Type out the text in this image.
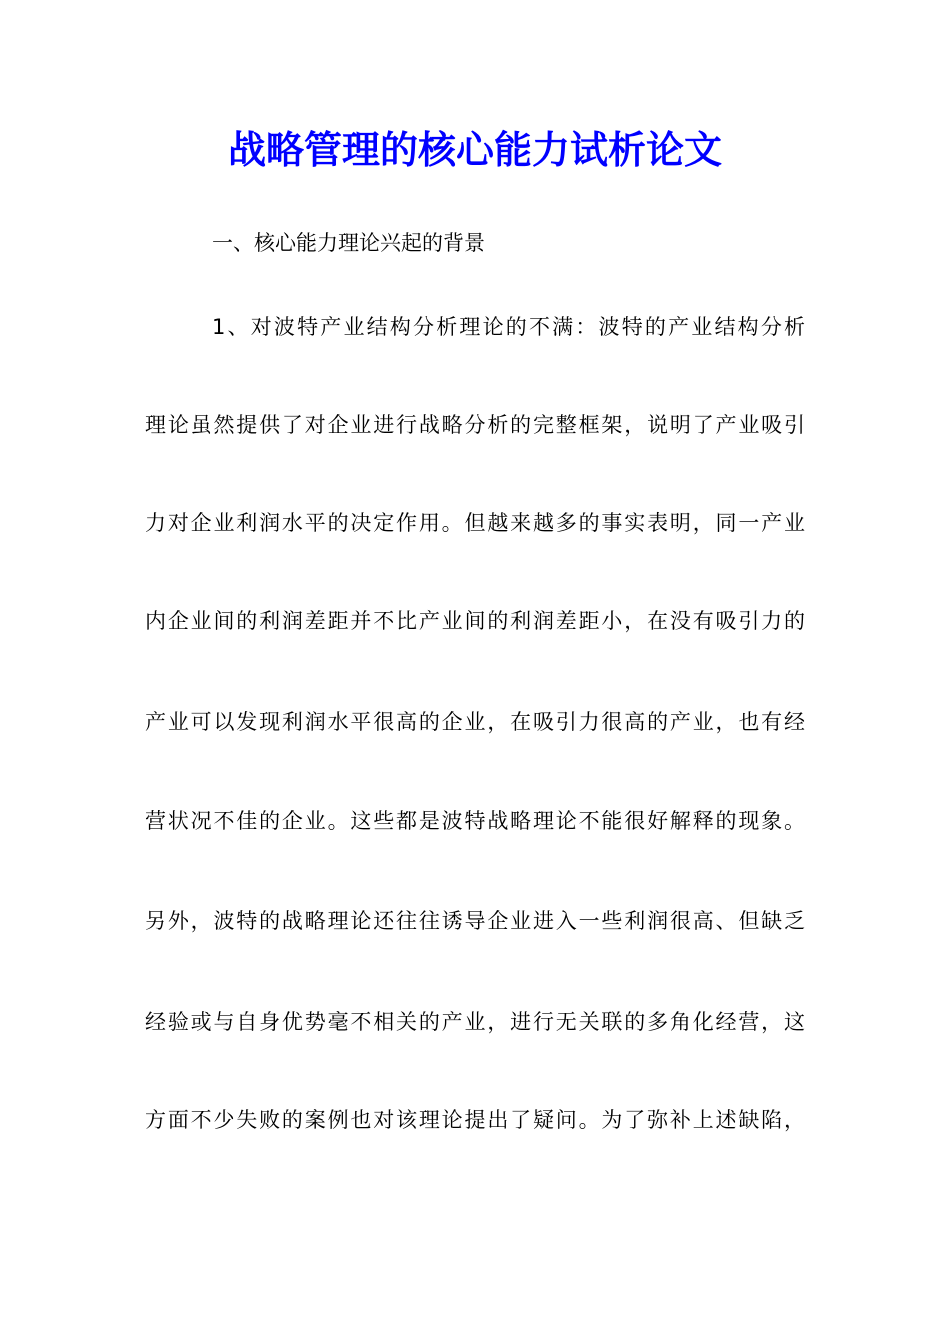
战略管理的核心能力试析论文

一、核心能力理论兴起的背景

1、对波特产业结构分析理论的不满：波特的产业结构分析

理论虽然提供了对企业进行战略分析的完整框架，说明了产业吸引

力对企业利润水平的决定作用。但越来越多的事实表明，同一产业

内企业间的利润差距并不比产业间的利润差距小，在没有吸引力的

产业可以发现利润水平很高的企业，在吸引力很高的产业，也有经

营状况不佳的企业。这些都是波特战略理论不能很好解释的现象。

另外，波特的战略理论还往往诱导企业进入一些利润很高、但缺乏

经验或与自身优势毫不相关的产业，进行无关联的多角化经营，这

方面不少失败的案例也对该理论提出了疑问。为了弥补上述缺陷，
